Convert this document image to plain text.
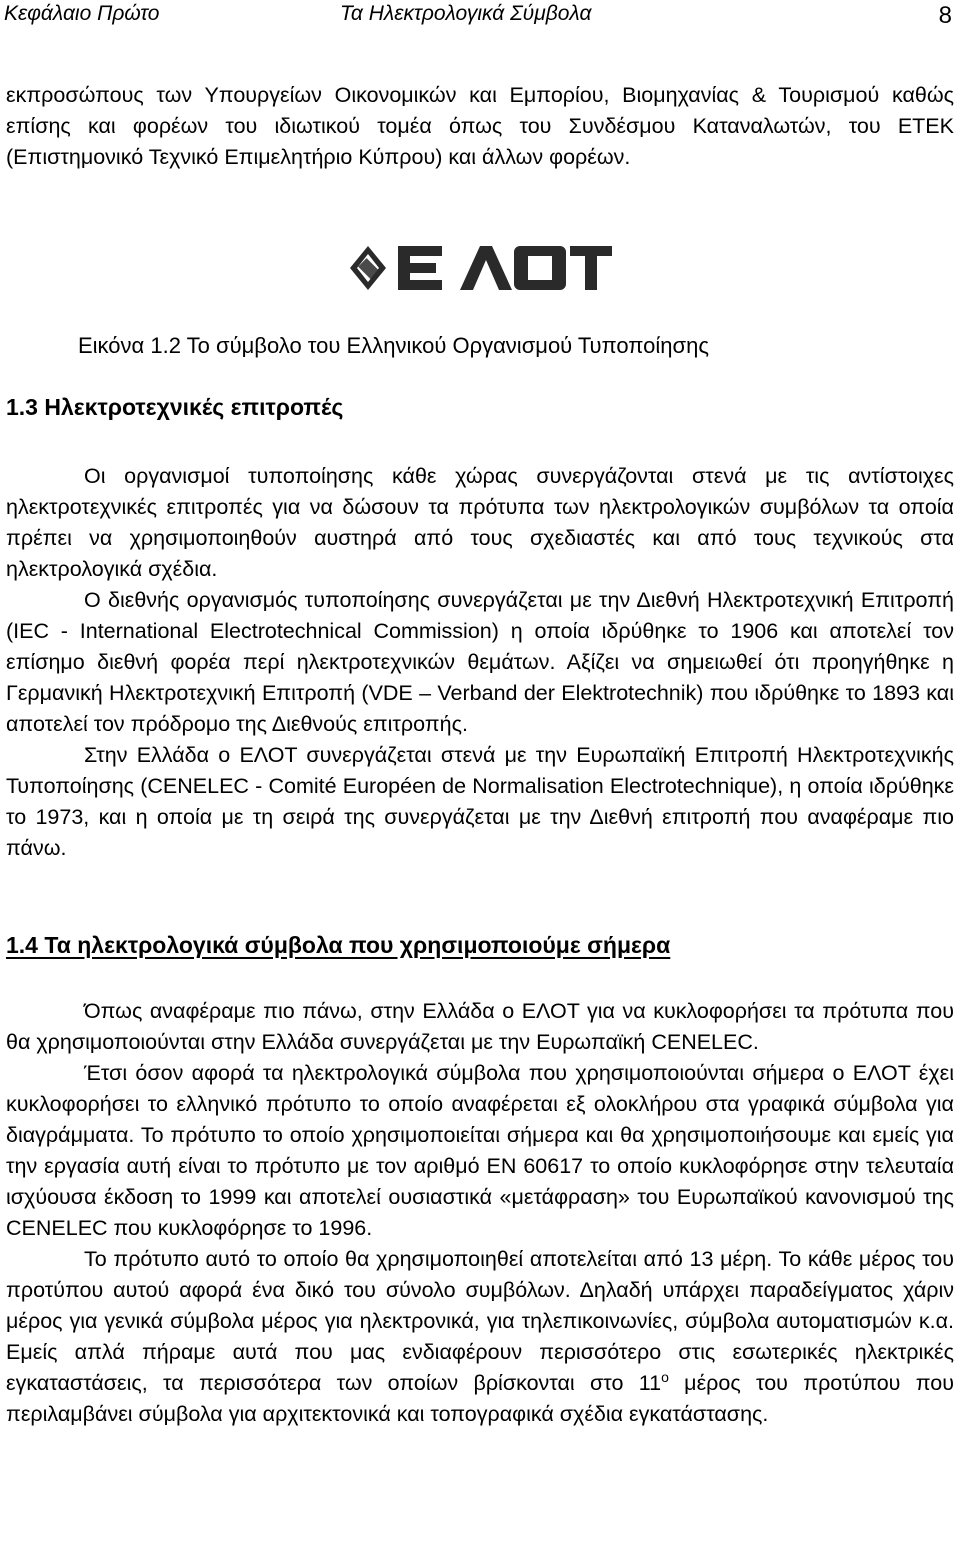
Κεφάλαιο Πρώτο	Τα Ηλεκτρολογικά Σύμβολα	8

εκπροσώπους των Υπουργείων Οικονομικών και Εμπορίου, Βιομηχανίας & Τουρισμού καθώς επίσης και φορέων του ιδιωτικού τομέα όπως του Συνδέσμου Καταναλωτών, του ΕΤΕΚ (Επιστημονικό Τεχνικό Επιμελητήριο Κύπρου) και άλλων φορέων.

Εικόνα 1.2 Το σύμβολο του Ελληνικού Οργανισμού Τυποποίησης

1.3 Ηλεκτροτεχνικές επιτροπές

Οι οργανισμοί τυποποίησης κάθε χώρας συνεργάζονται στενά με τις αντίστοιχες ηλεκτροτεχνικές επιτροπές για να δώσουν τα πρότυπα των ηλεκτρολογικών συμβόλων τα οποία πρέπει να χρησιμοποιηθούν αυστηρά από τους σχεδιαστές και από τους τεχνικούς στα ηλεκτρολογικά σχέδια.

Ο διεθνής οργανισμός τυποποίησης συνεργάζεται με την Διεθνή Ηλεκτροτεχνική Επιτροπή (IEC - International Electrotechnical Commission) η οποία ιδρύθηκε το 1906 και αποτελεί τον επίσημο διεθνή φορέα περί ηλεκτροτεχνικών θεμάτων. Αξίζει να σημειωθεί ότι προηγήθηκε η Γερμανική Ηλεκτροτεχνική Επιτροπή (VDE – Verband der Elektrotechnik) που ιδρύθηκε το 1893 και αποτελεί τον πρόδρομο της Διεθνούς επιτροπής.

Στην Ελλάδα ο ΕΛΟΤ συνεργάζεται στενά με την Ευρωπαϊκή Επιτροπή Ηλεκτροτεχνικής Τυποποίησης (CENELEC - Comité Européen de Normalisation Electrotechnique), η οποία ιδρύθηκε το 1973, και η οποία με τη σειρά της συνεργάζεται με την Διεθνή επιτροπή που αναφέραμε πιο πάνω.

1.4 Τα ηλεκτρολογικά σύμβολα που χρησιμοποιούμε σήμερα

Όπως αναφέραμε πιο πάνω, στην Ελλάδα ο ΕΛΟΤ για να κυκλοφορήσει τα πρότυπα που θα χρησιμοποιούνται στην Ελλάδα συνεργάζεται με την Ευρωπαϊκή CENELEC.

Έτσι όσον αφορά τα ηλεκτρολογικά σύμβολα που χρησιμοποιούνται σήμερα ο ΕΛΟΤ έχει κυκλοφορήσει το ελληνικό πρότυπο το οποίο αναφέρεται εξ ολοκλήρου στα γραφικά σύμβολα για διαγράμματα. Το πρότυπο το οποίο χρησιμοποιείται σήμερα και θα χρησιμοποιήσουμε και εμείς για την εργασία αυτή είναι το πρότυπο με τον αριθμό EN 60617 το οποίο κυκλοφόρησε στην τελευταία ισχύουσα έκδοση το 1999 και αποτελεί ουσιαστικά «μετάφραση» του Ευρωπαϊκού κανονισμού της CENELEC που κυκλοφόρησε το 1996.

Το πρότυπο αυτό το οποίο θα χρησιμοποιηθεί αποτελείται από 13 μέρη. Το κάθε μέρος του προτύπου αυτού αφορά ένα δικό του σύνολο συμβόλων. Δηλαδή υπάρχει παραδείγματος χάριν μέρος για γενικά σύμβολα μέρος για ηλεκτρονικά, για τηλεπικοινωνίες, σύμβολα αυτοματισμών κ.α. Εμείς απλά πήραμε αυτά που μας ενδιαφέρουν περισσότερο στις εσωτερικές ηλεκτρικές εγκαταστάσεις, τα περισσότερα των οποίων βρίσκονται στο $11^o$ μέρος του προτύπου που περιλαμβάνει σύμβολα για αρχιτεκτονικά και τοπογραφικά σχέδια εγκατάστασης.
